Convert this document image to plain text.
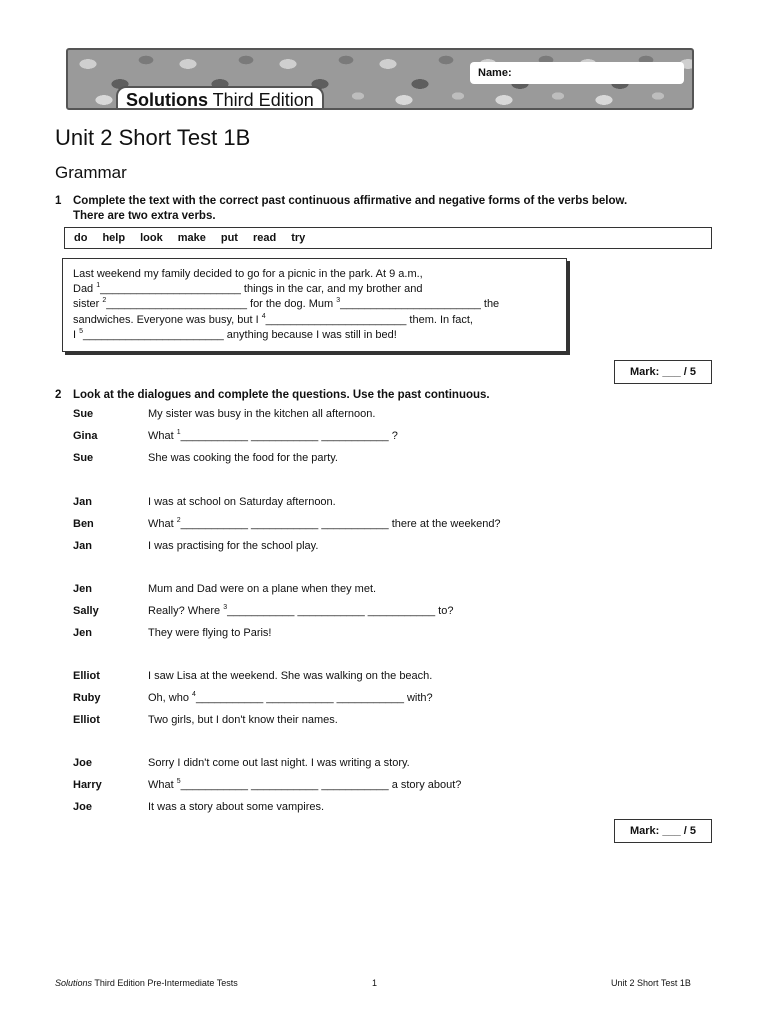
Name:
Solutions Third Edition
Unit 2 Short Test 1B
Grammar
1 Complete the text with the correct past continuous affirmative and negative forms of the verbs below.
There are two extra verbs.
do help look make put read try
Last weekend my family decided to go for a picnic in the park. At 9 a.m.,
Dad $^1$_______________________ things in the car, and my brother and
sister $^2$_______________________ for the dog. Mum $^3$_______________________ the
sandwiches. Everyone was busy, but I $^4$_______________________ them. In fact,
I $^5$_______________________ anything because I was still in bed!
Mark: ___ / 5
2 Look at the dialogues and complete the questions. Use the past continuous.
Sue	My sister was busy in the kitchen all afternoon.
Gina	What $^1$___________ ___________ ___________ ?
Sue	She was cooking the food for the party.
Jan	I was at school on Saturday afternoon.
Ben	What $^2$___________ ___________ ___________ there at the weekend?
Jan	I was practising for the school play.
Jen	Mum and Dad were on a plane when they met.
Sally	Really? Where $^3$___________ ___________ ___________ to?
Jen	They were flying to Paris!
Elliot	I saw Lisa at the weekend. She was walking on the beach.
Ruby	Oh, who $^4$___________ ___________ ___________ with?
Elliot	Two girls, but I don't know their names.
Joe	Sorry I didn't come out last night. I was writing a story.
Harry	What $^5$___________ ___________ ___________ a story about?
Joe	It was a story about some vampires.
Mark: ___ / 5
Solutions Third Edition Pre-Intermediate Tests	1	Unit 2 Short Test 1B
